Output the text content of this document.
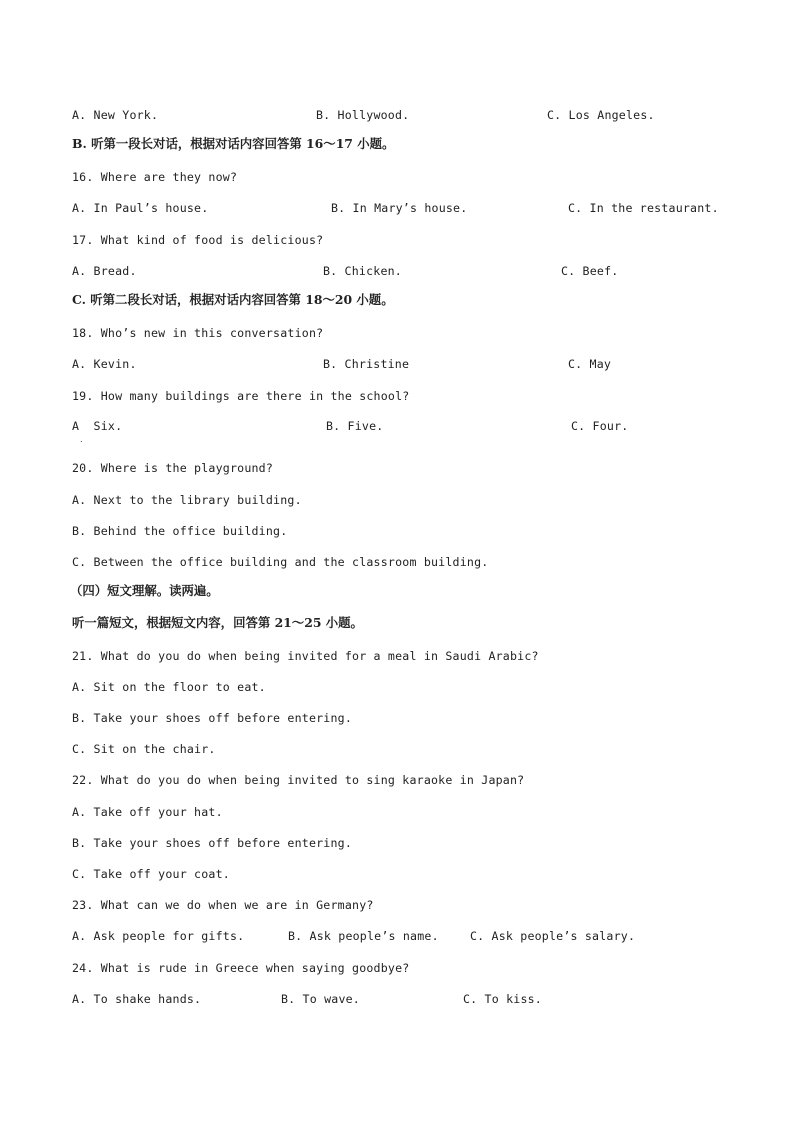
A. New York.	B. Hollywood.	C. Los Angeles.
B. 听第一段长对话，根据对话内容回答第 16～17 小题。
16. Where are they now?
A. In Paul’s house.	B. In Mary’s house.	C. In the restaurant.
17. What kind of food is delicious?
A. Bread.	B. Chicken.	C. Beef.
C. 听第二段长对话，根据对话内容回答第 18～20 小题。
18. Who’s new in this conversation?
A. Kevin.	B. Christine	C. May
19. How many buildings are there in the school?
A  Six.
.
B. Five.	C. Four.
20. Where is the playground?
A. Next to the library building.
B. Behind the office building.
C. Between the office building and the classroom building.
（四）短文理解。读两遍。
听一篇短文，根据短文内容，回答第 21～25 小题。
21. What do you do when being invited for a meal in Saudi Arabic?
A. Sit on the floor to eat.
B. Take your shoes off before entering.
C. Sit on the chair.
22. What do you do when being invited to sing karaoke in Japan?
A. Take off your hat.
B. Take your shoes off before entering.
C. Take off your coat.
23. What can we do when we are in Germany?
A. Ask people for gifts.	B. Ask people’s name.	C. Ask people’s salary.
24. What is rude in Greece when saying goodbye?
A. To shake hands.	B. To wave.	C. To kiss.
